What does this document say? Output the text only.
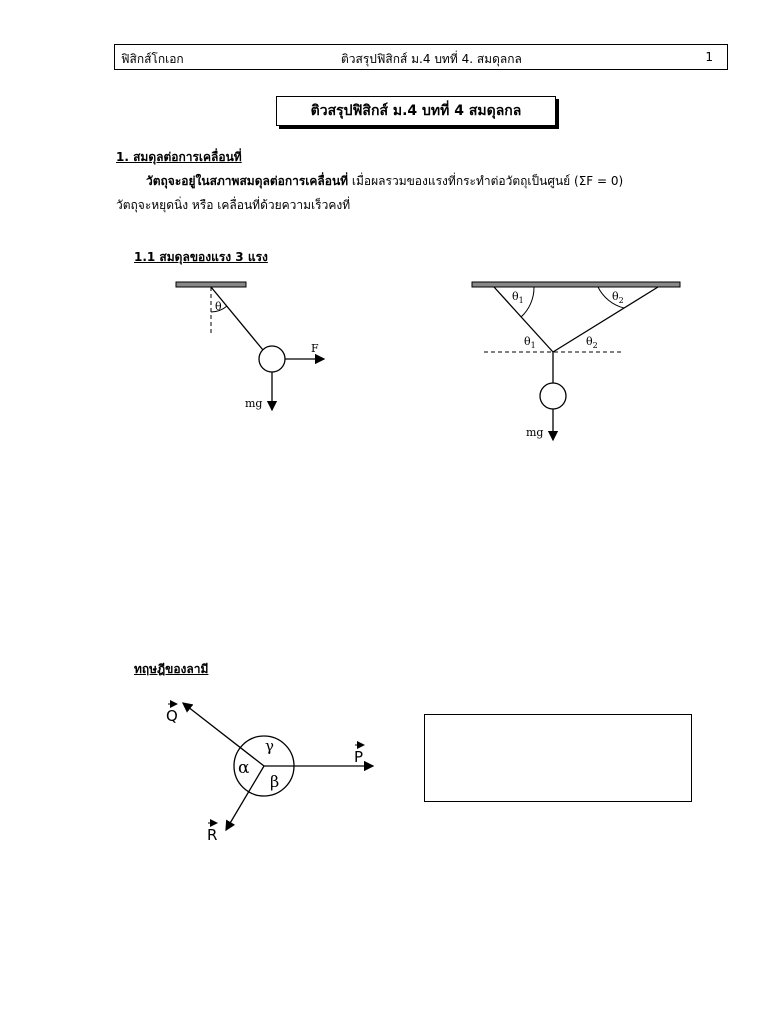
ฟิสิกส์โกเอก	ติวสรุปฟิสิกส์ ม.4 บทที่ 4. สมดุลกล	1
ติวสรุปฟิสิกส์ ม.4 บทที่ 4 สมดุลกล
1. สมดุลต่อการเคลื่อนที่
วัตถุจะอยู่ในสภาพสมดุลต่อการเคลื่อนที่ เมื่อผลรวมของแรงที่กระทำต่อวัตถุเป็นศูนย์ (ΣF = 0)
วัตถุจะหยุดนิ่ง หรือ เคลื่อนที่ด้วยความเร็วคงที่
1.1 สมดุลของแรง 3 แรง
θ
F
mg
$\theta_1$	$\theta_2$
$\theta_1$	$\theta_2$
mg
γ
α
β
Q
P
R
ทฤษฎีของลามี
